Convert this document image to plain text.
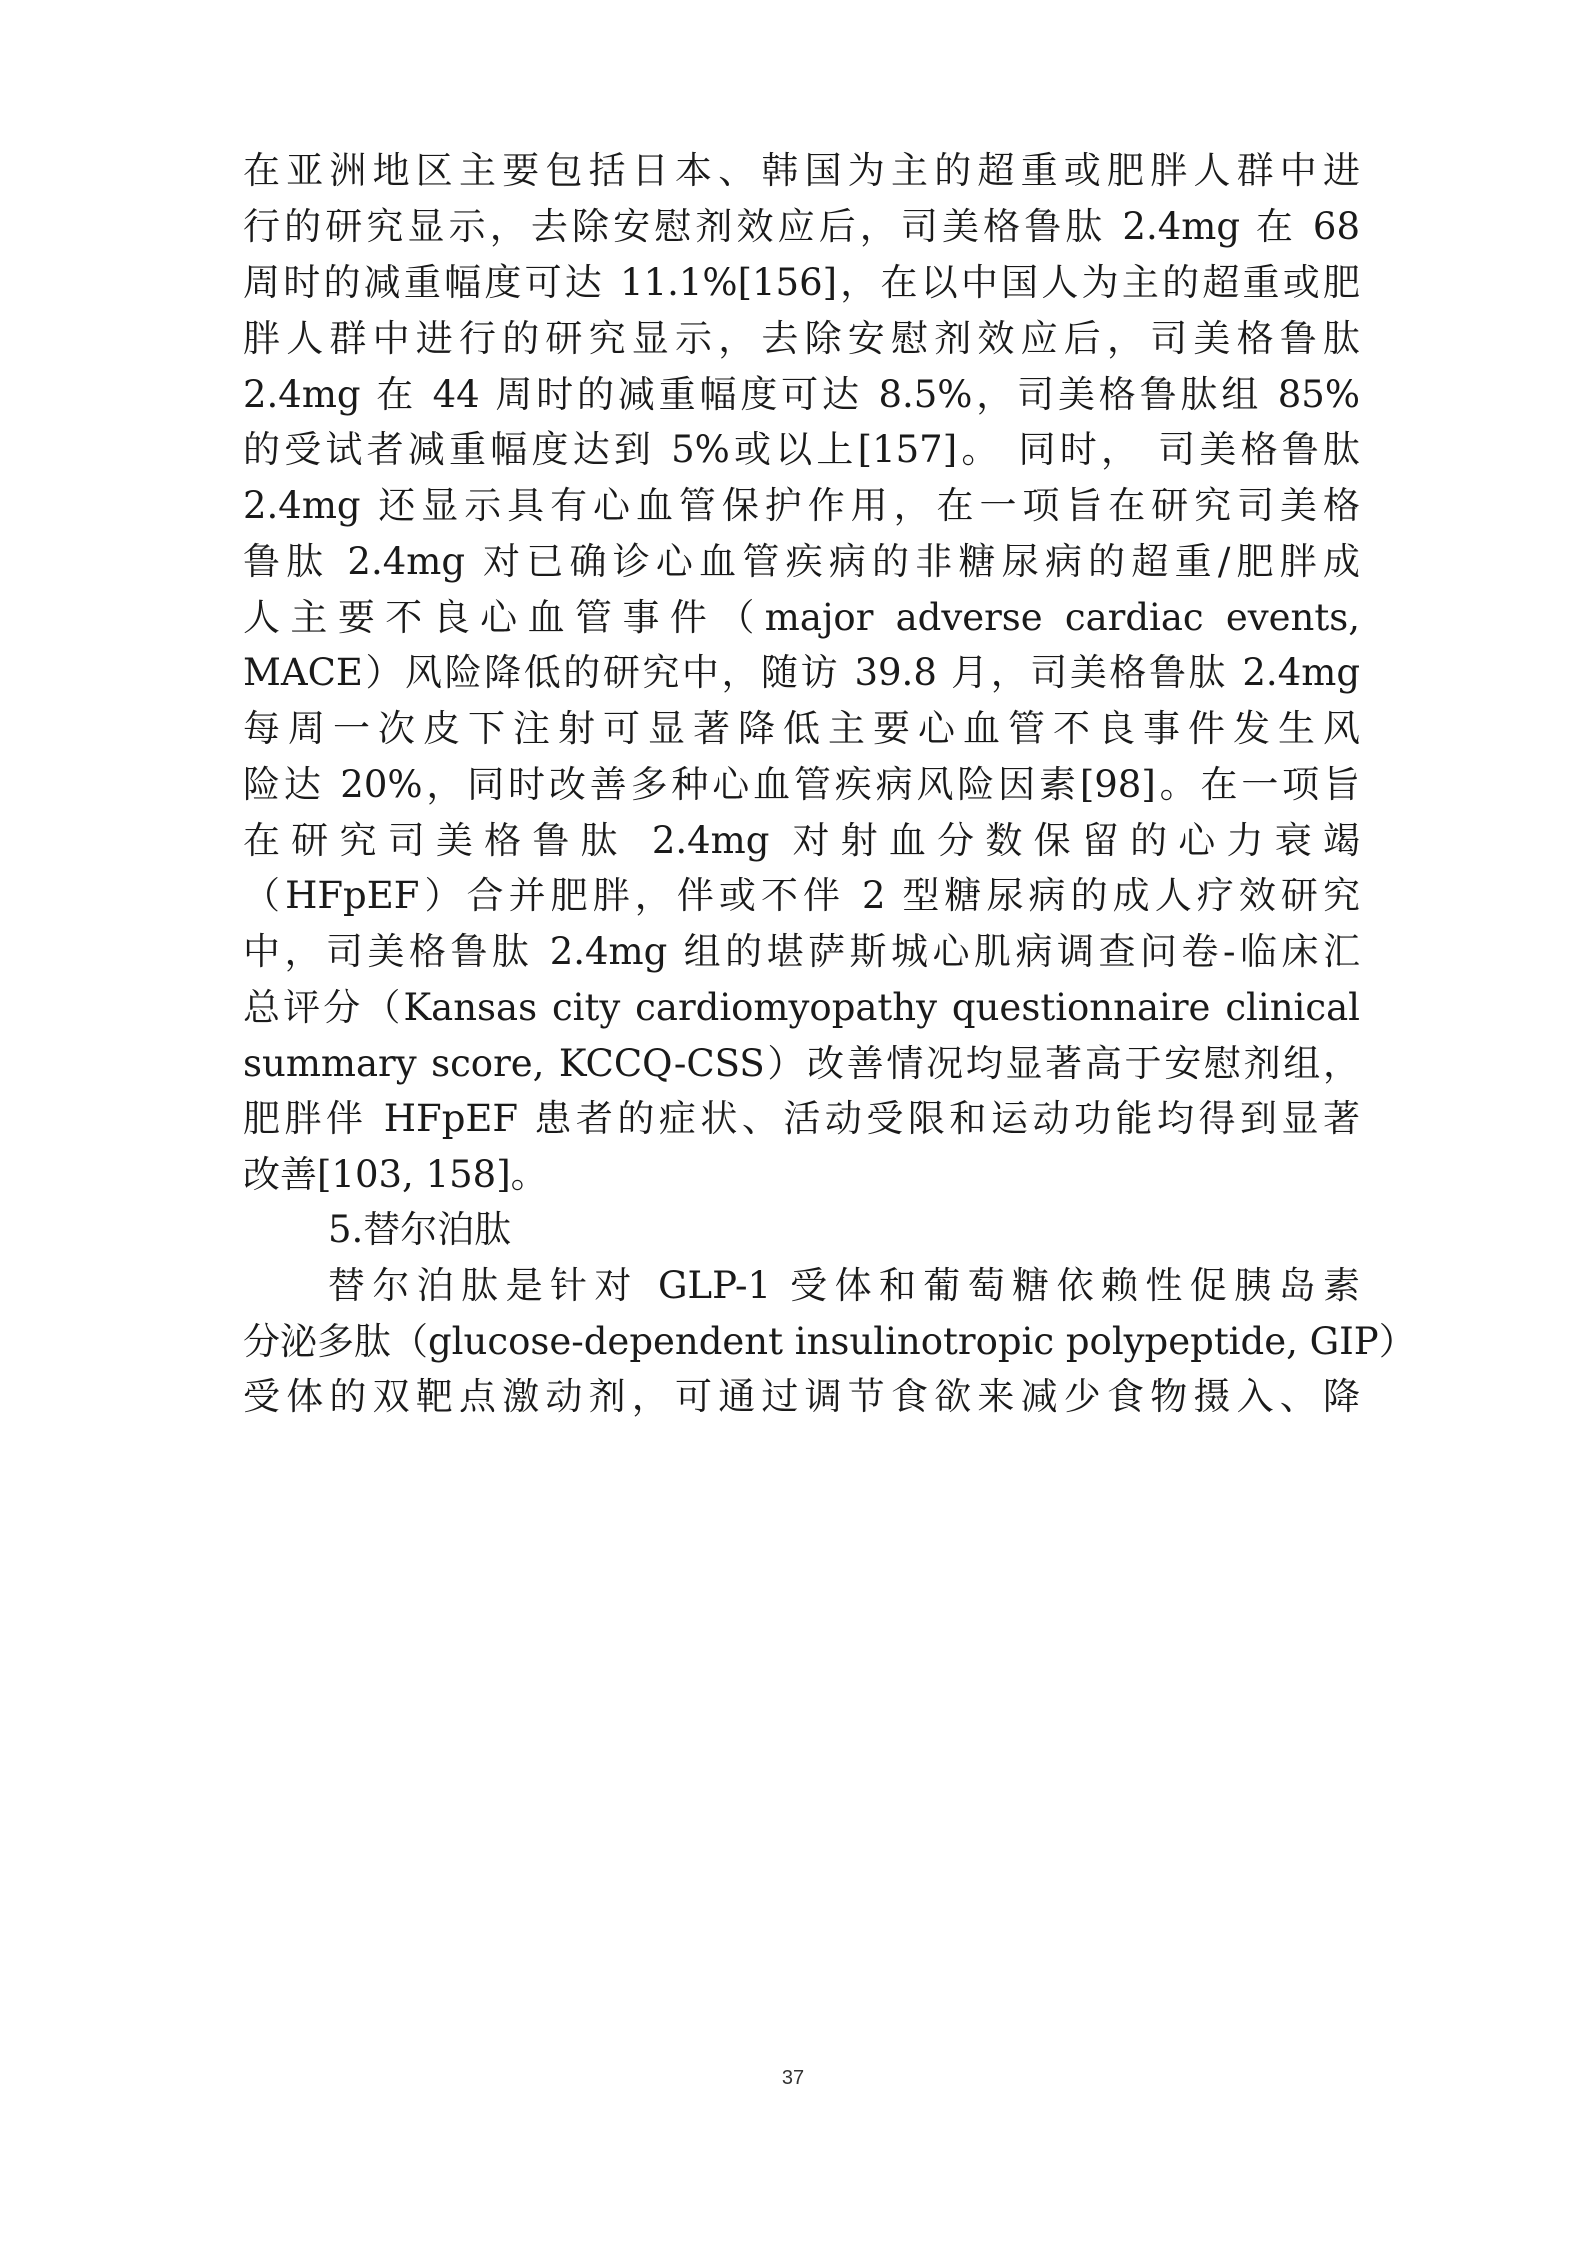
在亚洲地区主要包括日本、韩国为主的超重或肥胖人群中进
行的研究显示，去除安慰剂效应后，司美格鲁肽 2.4mg 在 68
周时的减重幅度可达 11.1%[156]，在以中国人为主的超重或肥
胖人群中进行的研究显示，去除安慰剂效应后，司美格鲁肽
2.4mg 在 44 周时的减重幅度可达 8.5%，司美格鲁肽组 85%
的受试者减重幅度达到 5%或以上[157]。 同时， 司美格鲁肽
2.4mg 还显示具有心血管保护作用，在一项旨在研究司美格
鲁肽 2.4mg 对已确诊心血管疾病的非糖尿病的超重/肥胖成
人主要不良心血管事件（major adverse cardiac events,
MACE）风险降低的研究中，随访 39.8 月，司美格鲁肽 2.4mg
每周一次皮下注射可显著降低主要心血管不良事件发生风
险达 20%，同时改善多种心血管疾病风险因素[98]。在一项旨
在研究司美格鲁肽 2.4mg 对射血分数保留的心力衰竭
（HFpEF）合并肥胖，伴或不伴 2 型糖尿病的成人疗效研究
中，司美格鲁肽 2.4mg 组的堪萨斯城心肌病调查问卷-临床汇
总评分（Kansas city cardiomyopathy questionnaire clinical
summary score, KCCQ-CSS）改善情况均显著高于安慰剂组，
肥胖伴 HFpEF 患者的症状、活动受限和运动功能均得到显著
改善[103, 158]。
5.替尔泊肽
替尔泊肽是针对 GLP-1 受体和葡萄糖依赖性促胰岛素
分泌多肽（glucose-dependent insulinotropic polypeptide, GIP）
受体的双靶点激动剂，可通过调节食欲来减少食物摄入、降
37
